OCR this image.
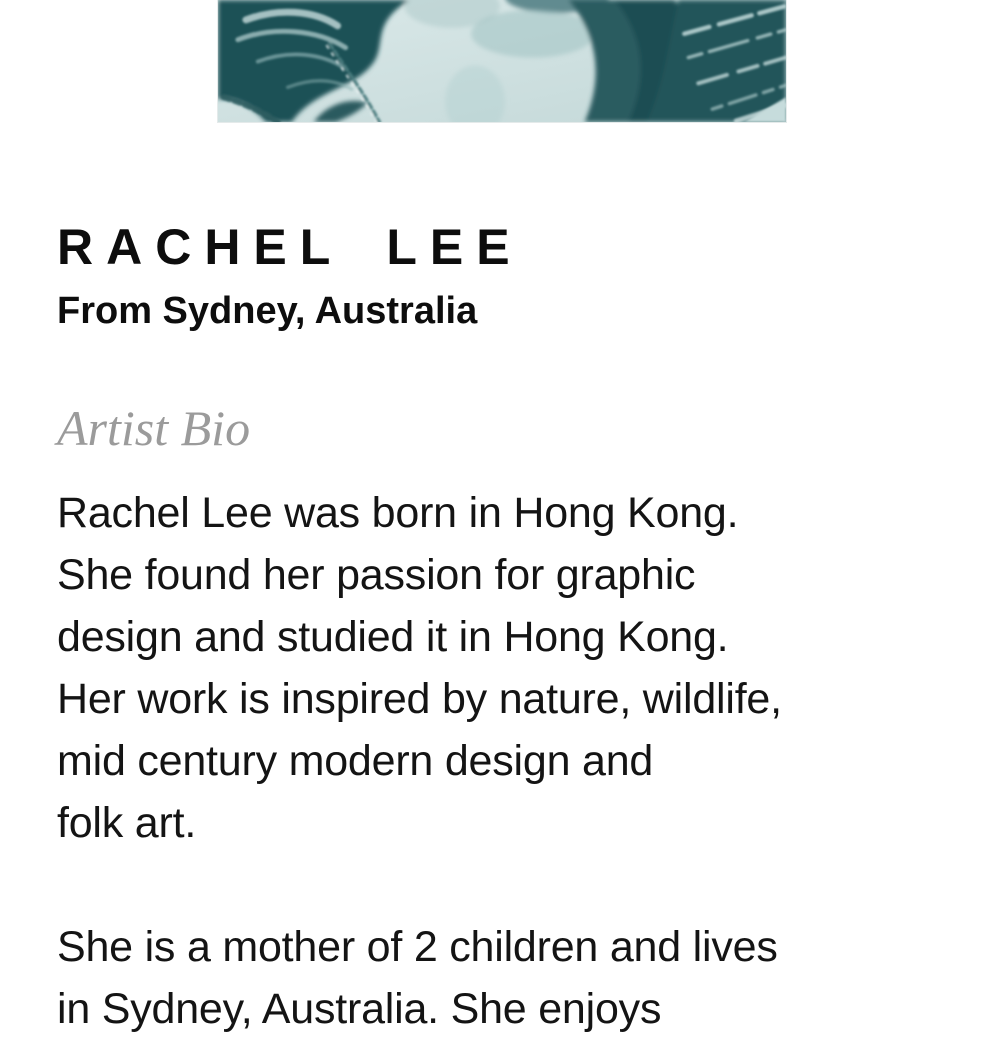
RACHEL LEE
From Sydney, Australia
Artist Bio
Rachel Lee was born in Hong Kong.
She found her passion for graphic
design and studied it in Hong Kong.
Her work is inspired by nature, wildlife,
mid century modern design and
folk art.
She is a mother of 2 children and lives
in Sydney, Australia. She enjoys
